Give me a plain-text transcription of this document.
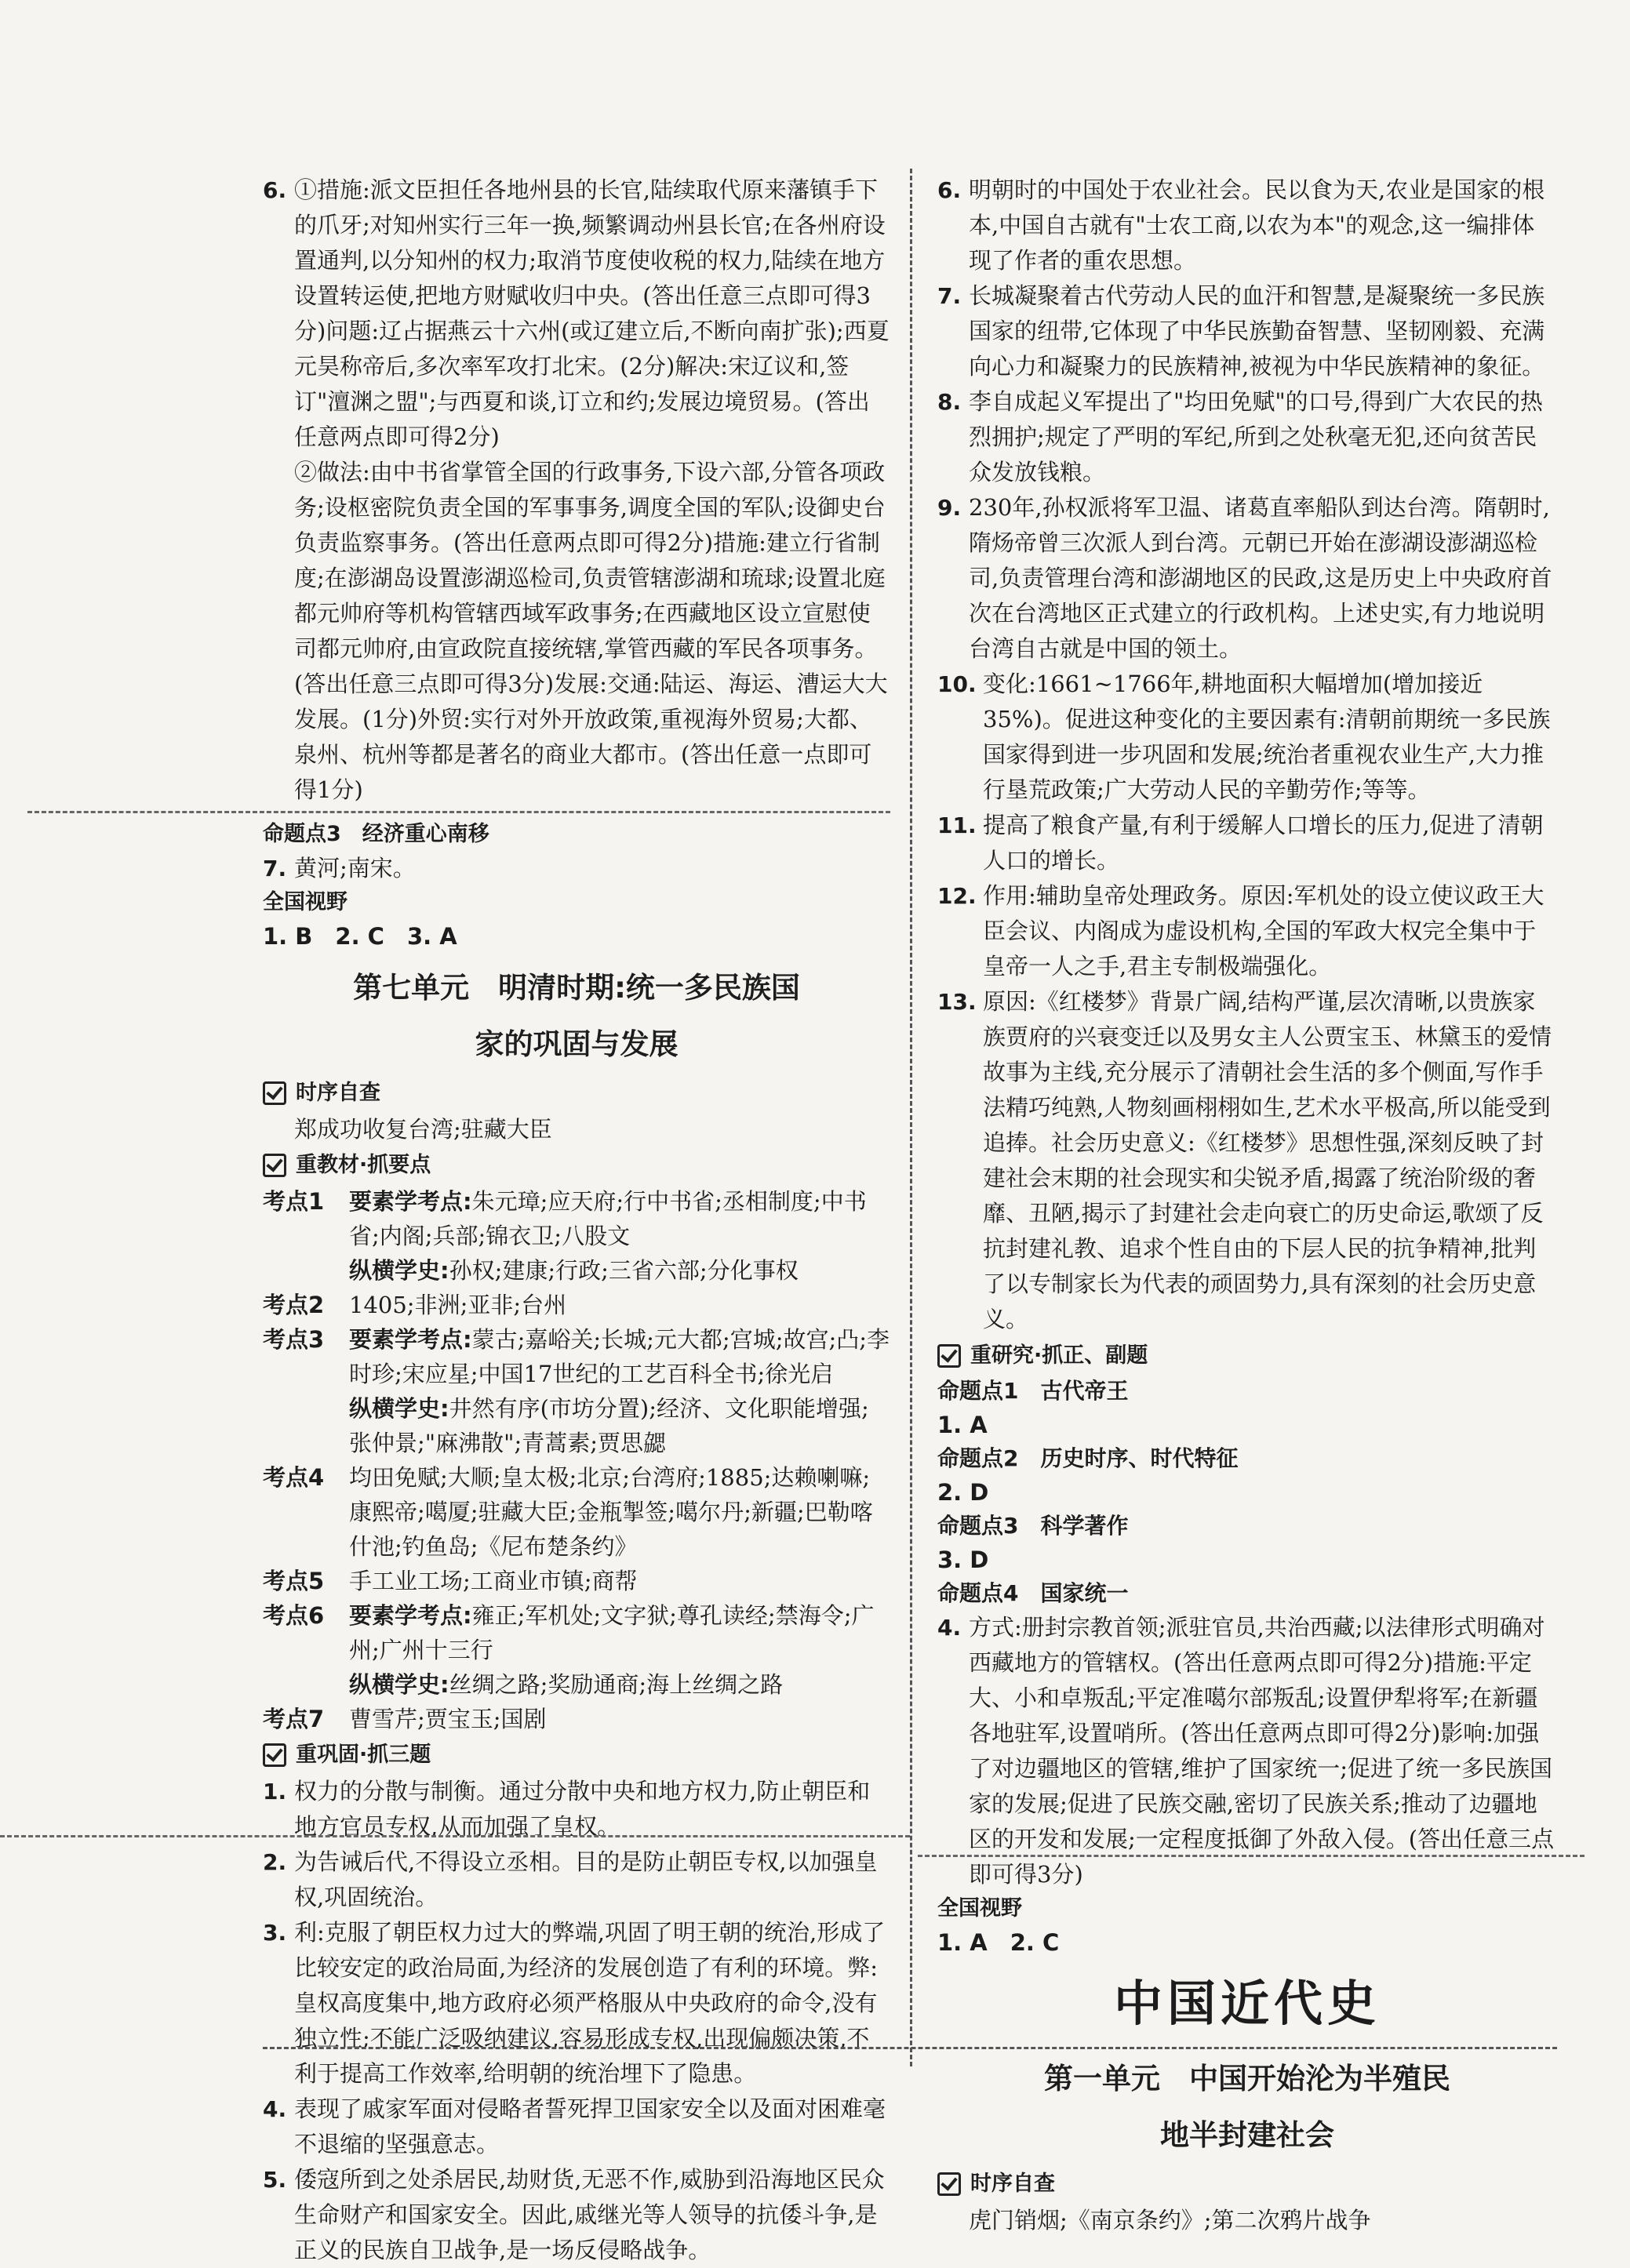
6. ①措施:派文臣担任各地州县的长官,陆续取代原来藩镇手下的爪牙;对知州实行三年一换,频繁调动州县长官;在各州府设置通判,以分知州的权力;取消节度使收税的权力,陆续在地方设置转运使,把地方财赋收归中央。(答出任意三点即可得3分)问题:辽占据燕云十六州(或辽建立后,不断向南扩张);西夏元昊称帝后,多次率军攻打北宋。(2分)解决:宋辽议和,签订"澶渊之盟";与西夏和谈,订立和约;发展边境贸易。(答出任意两点即可得2分)
②做法:由中书省掌管全国的行政事务,下设六部,分管各项政务;设枢密院负责全国的军事事务,调度全国的军队;设御史台负责监察事务。(答出任意两点即可得2分)措施:建立行省制度;在澎湖岛设置澎湖巡检司,负责管辖澎湖和琉球;设置北庭都元帅府等机构管辖西域军政事务;在西藏地区设立宣慰使司都元帅府,由宣政院直接统辖,掌管西藏的军民各项事务。(答出任意三点即可得3分)发展:交通:陆运、海运、漕运大大发展。(1分)外贸:实行对外开放政策,重视海外贸易;大都、泉州、杭州等都是著名的商业大都市。(答出任意一点即可得1分)

命题点3　经济重心南移

7. 黄河;南宋。

全国视野

1. B　2. C　3. A

第七单元　明清时期:统一多民族国
家的巩固与发展
时序自查

郑成功收复台湾;驻藏大臣

重教材·抓要点

考点1 要素学考点:朱元璋;应天府;行中书省;丞相制度;中书省;内阁;兵部;锦衣卫;八股文

纵横学史:孙权;建康;行政;三省六部;分化事权

考点2 1405;非洲;亚非;台州

考点3 要素学考点:蒙古;嘉峪关;长城;元大都;宫城;故宫;凸;李时珍;宋应星;中国17世纪的工艺百科全书;徐光启

纵横学史:井然有序(市坊分置);经济、文化职能增强;张仲景;"麻沸散";青蒿素;贾思勰

考点4 均田免赋;大顺;皇太极;北京;台湾府;1885;达赖喇嘛;康熙帝;噶厦;驻藏大臣;金瓶掣签;噶尔丹;新疆;巴勒喀什池;钓鱼岛;《尼布楚条约》

考点5 手工业工场;工商业市镇;商帮

考点6 要素学考点:雍正;军机处;文字狱;尊孔读经;禁海令;广州;广州十三行

纵横学史:丝绸之路;奖励通商;海上丝绸之路

考点7 曹雪芹;贾宝玉;国剧

重巩固·抓三题

1. 权力的分散与制衡。通过分散中央和地方权力,防止朝臣和地方官员专权,从而加强了皇权。

2. 为告诫后代,不得设立丞相。目的是防止朝臣专权,以加强皇权,巩固统治。

3. 利:克服了朝臣权力过大的弊端,巩固了明王朝的统治,形成了比较安定的政治局面,为经济的发展创造了有利的环境。弊:皇权高度集中,地方政府必须严格服从中央政府的命令,没有独立性;不能广泛吸纳建议,容易形成专权,出现偏颇决策,不利于提高工作效率,给明朝的统治埋下了隐患。

4. 表现了戚家军面对侵略者誓死捍卫国家安全以及面对困难毫不退缩的坚强意志。

5. 倭寇所到之处杀居民,劫财货,无恶不作,威胁到沿海地区民众生命财产和国家安全。因此,戚继光等人领导的抗倭斗争,是正义的民族自卫战争,是一场反侵略战争。

6. 明朝时的中国处于农业社会。民以食为天,农业是国家的根本,中国自古就有"士农工商,以农为本"的观念,这一编排体现了作者的重农思想。

7. 长城凝聚着古代劳动人民的血汗和智慧,是凝聚统一多民族国家的纽带,它体现了中华民族勤奋智慧、坚韧刚毅、充满向心力和凝聚力的民族精神,被视为中华民族精神的象征。

8. 李自成起义军提出了"均田免赋"的口号,得到广大农民的热烈拥护;规定了严明的军纪,所到之处秋毫无犯,还向贫苦民众发放钱粮。

9. 230年,孙权派将军卫温、诸葛直率船队到达台湾。隋朝时,隋炀帝曾三次派人到台湾。元朝已开始在澎湖设澎湖巡检司,负责管理台湾和澎湖地区的民政,这是历史上中央政府首次在台湾地区正式建立的行政机构。上述史实,有力地说明台湾自古就是中国的领土。

10. 变化:1661~1766年,耕地面积大幅增加(增加接近35%)。促进这种变化的主要因素有:清朝前期统一多民族国家得到进一步巩固和发展;统治者重视农业生产,大力推行垦荒政策;广大劳动人民的辛勤劳作;等等。

11. 提高了粮食产量,有利于缓解人口增长的压力,促进了清朝人口的增长。

12. 作用:辅助皇帝处理政务。原因:军机处的设立使议政王大臣会议、内阁成为虚设机构,全国的军政大权完全集中于皇帝一人之手,君主专制极端强化。

13. 原因:《红楼梦》背景广阔,结构严谨,层次清晰,以贵族家族贾府的兴衰变迁以及男女主人公贾宝玉、林黛玉的爱情故事为主线,充分展示了清朝社会生活的多个侧面,写作手法精巧纯熟,人物刻画栩栩如生,艺术水平极高,所以能受到追捧。社会历史意义:《红楼梦》思想性强,深刻反映了封建社会末期的社会现实和尖锐矛盾,揭露了统治阶级的奢靡、丑陋,揭示了封建社会走向衰亡的历史命运,歌颂了反抗封建礼教、追求个性自由的下层人民的抗争精神,批判了以专制家长为代表的顽固势力,具有深刻的社会历史意义。

重研究·抓正、副题

命题点1　古代帝王

1. A

命题点2　历史时序、时代特征

2. D

命题点3　科学著作

3. D

命题点4　国家统一

4. 方式:册封宗教首领;派驻官员,共治西藏;以法律形式明确对西藏地方的管辖权。(答出任意两点即可得2分)措施:平定大、小和卓叛乱;平定准噶尔部叛乱;设置伊犁将军;在新疆各地驻军,设置哨所。(答出任意两点即可得2分)影响:加强了对边疆地区的管辖,维护了国家统一;促进了统一多民族国家的发展;促进了民族交融,密切了民族关系;推动了边疆地区的开发和发展;一定程度抵御了外敌入侵。(答出任意三点即可得3分)

全国视野

1. A　2. C

中国近代史
第一单元　中国开始沦为半殖民
地半封建社会
时序自查

虎门销烟;《南京条约》;第二次鸦片战争
